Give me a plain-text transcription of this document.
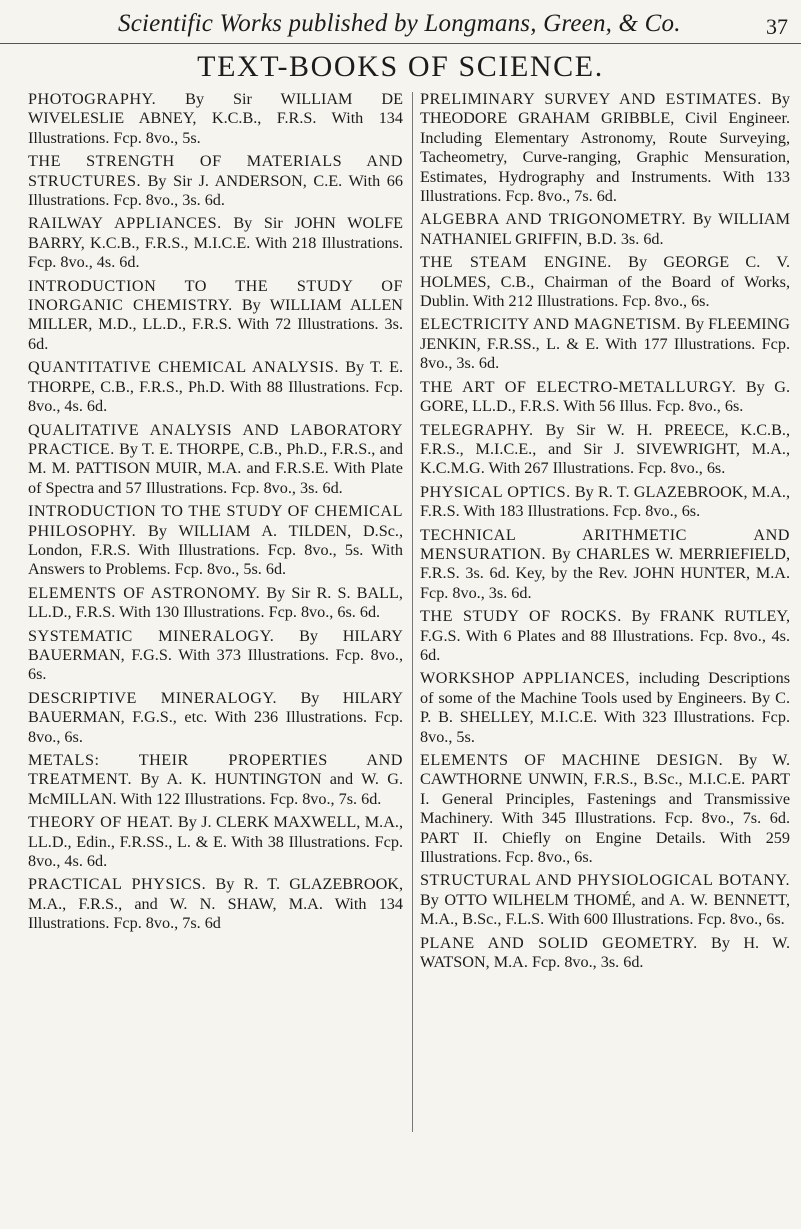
Scientific Works published by Longmans, Green, & Co.	37
TEXT-BOOKS OF SCIENCE.
PHOTOGRAPHY. By Sir WILLIAM DE WIVELESLIE ABNEY, K.C.B., F.R.S. With 134 Illustrations. Fcp. 8vo., 5s.
THE STRENGTH OF MATERIALS AND STRUCTURES. By Sir J. ANDERSON, C.E. With 66 Illustrations. Fcp. 8vo., 3s. 6d.
RAILWAY APPLIANCES. By Sir JOHN WOLFE BARRY, K.C.B., F.R.S., M.I.C.E. With 218 Illustrations. Fcp. 8vo., 4s. 6d.
INTRODUCTION TO THE STUDY OF INORGANIC CHEMISTRY. By WILLIAM ALLEN MILLER, M.D., LL.D., F.R.S. With 72 Illustrations. 3s. 6d.
QUANTITATIVE CHEMICAL ANALYSIS. By T. E. THORPE, C.B., F.R.S., Ph.D. With 88 Illustrations. Fcp. 8vo., 4s. 6d.
QUALITATIVE ANALYSIS AND LABORATORY PRACTICE. By T. E. THORPE, C.B., Ph.D., F.R.S., and M. M. PATTISON MUIR, M.A. and F.R.S.E. With Plate of Spectra and 57 Illustrations. Fcp. 8vo., 3s. 6d.
INTRODUCTION TO THE STUDY OF CHEMICAL PHILOSOPHY. By WILLIAM A. TILDEN, D.Sc., London, F.R.S. With Illustrations. Fcp. 8vo., 5s. With Answers to Problems. Fcp. 8vo., 5s. 6d.
ELEMENTS OF ASTRONOMY. By Sir R. S. BALL, LL.D., F.R.S. With 130 Illustrations. Fcp. 8vo., 6s. 6d.
SYSTEMATIC MINERALOGY. By HILARY BAUERMAN, F.G.S. With 373 Illustrations. Fcp. 8vo., 6s.
DESCRIPTIVE MINERALOGY. By HILARY BAUERMAN, F.G.S., etc. With 236 Illustrations. Fcp. 8vo., 6s.
METALS: THEIR PROPERTIES AND TREATMENT. By A. K. HUNTINGTON and W. G. McMILLAN. With 122 Illustrations. Fcp. 8vo., 7s. 6d.
THEORY OF HEAT. By J. CLERK MAXWELL, M.A., LL.D., Edin., F.R.SS., L. & E. With 38 Illustrations. Fcp. 8vo., 4s. 6d.
PRACTICAL PHYSICS. By R. T. GLAZEBROOK, M.A., F.R.S., and W. N. SHAW, M.A. With 134 Illustrations. Fcp. 8vo., 7s. 6d
PRELIMINARY SURVEY AND ESTIMATES. By THEODORE GRAHAM GRIBBLE, Civil Engineer. Including Elementary Astronomy, Route Surveying, Tacheometry, Curve-ranging, Graphic Mensuration, Estimates, Hydrography and Instruments. With 133 Illustrations. Fcp. 8vo., 7s. 6d.
ALGEBRA AND TRIGONOMETRY. By WILLIAM NATHANIEL GRIFFIN, B.D. 3s. 6d.
THE STEAM ENGINE. By GEORGE C. V. HOLMES, C.B., Chairman of the Board of Works, Dublin. With 212 Illustrations. Fcp. 8vo., 6s.
ELECTRICITY AND MAGNETISM. By FLEEMING JENKIN, F.R.SS., L. & E. With 177 Illustrations. Fcp. 8vo., 3s. 6d.
THE ART OF ELECTRO-METALLURGY. By G. GORE, LL.D., F.R.S. With 56 Illus. Fcp. 8vo., 6s.
TELEGRAPHY. By Sir W. H. PREECE, K.C.B., F.R.S., M.I.C.E., and Sir J. SIVEWRIGHT, M.A., K.C.M.G. With 267 Illustrations. Fcp. 8vo., 6s.
PHYSICAL OPTICS. By R. T. GLAZEBROOK, M.A., F.R.S. With 183 Illustrations. Fcp. 8vo., 6s.
TECHNICAL ARITHMETIC AND MENSURATION. By CHARLES W. MERRIEFIELD, F.R.S. 3s. 6d. Key, by the Rev. JOHN HUNTER, M.A. Fcp. 8vo., 3s. 6d.
THE STUDY OF ROCKS. By FRANK RUTLEY, F.G.S. With 6 Plates and 88 Illustrations. Fcp. 8vo., 4s. 6d.
WORKSHOP APPLIANCES, including Descriptions of some of the Machine Tools used by Engineers. By C. P. B. SHELLEY, M.I.C.E. With 323 Illustrations. Fcp. 8vo., 5s.
ELEMENTS OF MACHINE DESIGN. By W. CAWTHORNE UNWIN, F.R.S., B.Sc., M.I.C.E. PART I. General Principles, Fastenings and Transmissive Machinery. With 345 Illustrations. Fcp. 8vo., 7s. 6d. PART II. Chiefly on Engine Details. With 259 Illustrations. Fcp. 8vo., 6s.
STRUCTURAL AND PHYSIOLOGICAL BOTANY. By OTTO WILHELM THOMÉ, and A. W. BENNETT, M.A., B.Sc., F.L.S. With 600 Illustrations. Fcp. 8vo., 6s.
PLANE AND SOLID GEOMETRY. By H. W. WATSON, M.A. Fcp. 8vo., 3s. 6d.
